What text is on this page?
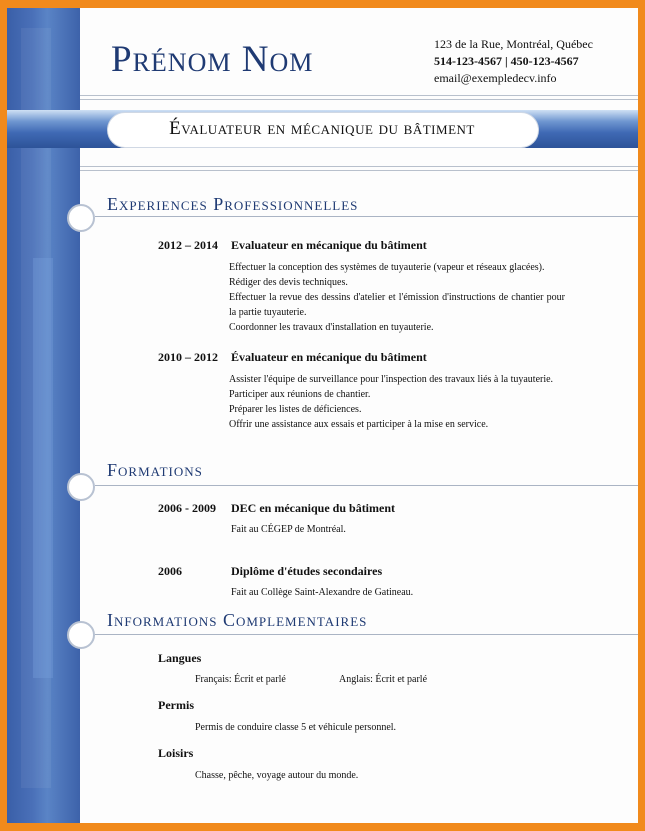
Prénom Nom	123 de la Rue, Montréal, Québec
514-123-4567 | 450-123-4567
email@exempledecv.info
Évaluateur en mécanique du bâtiment
Experiences Professionnelles
2012 – 2014 Evaluateur en mécanique du bâtiment
Effectuer la conception des systèmes de tuyauterie (vapeur et réseaux glacées).
Rédiger des devis techniques.
Effectuer la revue des dessins d'atelier et l'émission d'instructions de chantier pour la partie tuyauterie.
Coordonner les travaux d'installation en tuyauterie.
2010 – 2012 Évaluateur en mécanique du bâtiment
Assister l'équipe de surveillance pour l'inspection des travaux liés à la tuyauterie.
Participer aux réunions de chantier.
Préparer les listes de déficiences.
Offrir une assistance aux essais et participer à la mise en service.
Formations
2006 - 2009 DEC en mécanique du bâtiment
Fait au CÉGEP de Montréal.
2006	Diplôme d'études secondaires
Fait au Collège Saint-Alexandre de Gatineau.
Informations Complementaires
Langues
Français: Écrit et parlé	Anglais: Écrit et parlé
Permis
Permis de conduire classe 5 et véhicule personnel.
Loisirs
Chasse, pêche, voyage autour du monde.
